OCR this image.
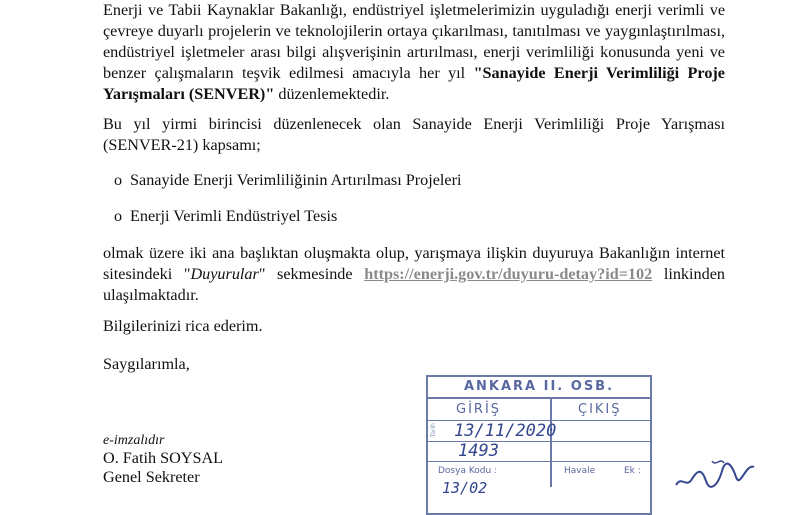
Enerji ve Tabii Kaynaklar Bakanlığı, endüstriyel işletmelerimizin uyguladığı enerji verimli ve çevreye duyarlı projelerin ve teknolojilerin ortaya çıkarılması, tanıtılması ve yaygınlaştırılması, endüstriyel işletmeler arası bilgi alışverişinin artırılması, enerji verimliliği konusunda yeni ve benzer çalışmaların teşvik edilmesi amacıyla her yıl "Sanayide Enerji Verimliliği Proje Yarışmaları (SENVER)" düzenlemektedir.

Bu yıl yirmi birincisi düzenlenecek olan Sanayide Enerji Verimliliği Proje Yarışması (SENVER-21) kapsamı;

o Sanayide Enerji Verimliliğinin Artırılması Projeleri
o Enerji Verimli Endüstriyel Tesis

olmak üzere iki ana başlıktan oluşmakta olup, yarışmaya ilişkin duyuruya Bakanlığın internet sitesindeki "Duyurular" sekmesinde https://enerji.gov.tr/duyuru-detay?id=102 linkinden ulaşılmaktadır.

Bilgilerinizi rica ederim.
Saygılarımla,
e-imzalıdır
O. Fatih SOYSAL
Genel Sekreter
ANKARA II. OSB.
GİRİŞ	ÇIKIŞ
Tarih 13/11/2020
1493
Dosya Kodu :	Havale	Ek :
13/02
